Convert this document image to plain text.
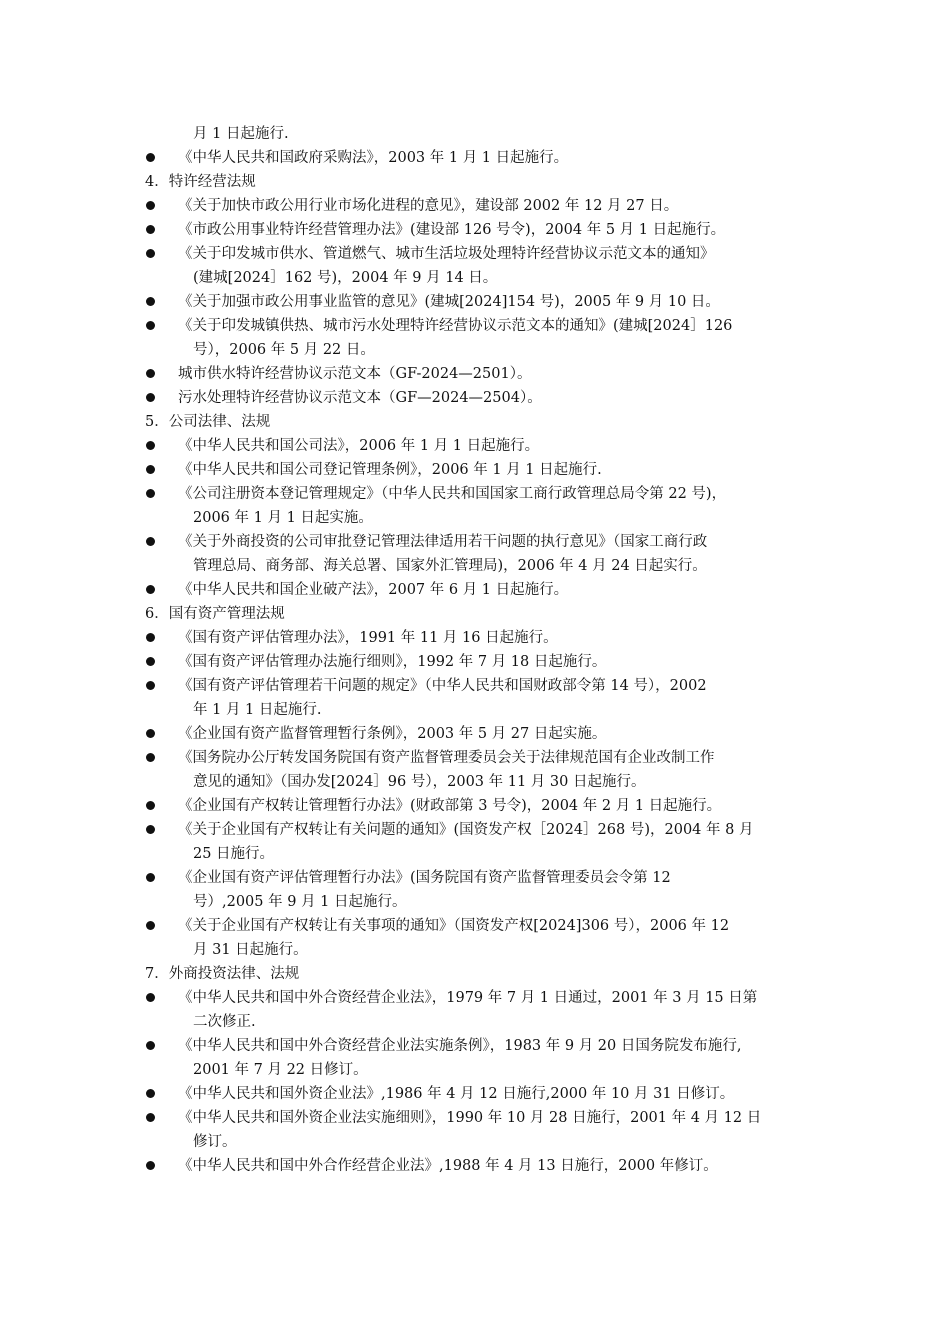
月 1 日起施行.
《中华人民共和国政府采购法》，2003 年 1 月 1 日起施行。
4．特许经营法规
《关于加快市政公用行业市场化进程的意见》，建设部 2002 年 12 月 27 日。
《市政公用事业特许经营管理办法》(建设部 126 号令)，2004 年 5 月 1 日起施行。
《关于印发城市供水、管道燃气、城市生活垃圾处理特许经营协议示范文本的通知》
(建城[2024］162 号)，2004 年 9 月 14 日。
《关于加强市政公用事业监管的意见》(建城[2024]154 号)，2005 年 9 月 10 日。
《关于印发城镇供热、城市污水处理特许经营协议示范文本的通知》(建城[2024］126
号），2006 年 5 月 22 日。
城市供水特许经营协议示范文本（GF-2024—2501）。
污水处理特许经营协议示范文本（GF—2024—2504）。
5．公司法律、法规
《中华人民共和国公司法》，2006 年 1 月 1 日起施行。
《中华人民共和国公司登记管理条例》，2006 年 1 月 1 日起施行.
《公司注册资本登记管理规定》（中华人民共和国国家工商行政管理总局令第 22 号)，
2006 年 1 月 1 日起实施。
《关于外商投资的公司审批登记管理法律适用若干问题的执行意见》（国家工商行政
管理总局、商务部、海关总署、国家外汇管理局)，2006 年 4 月 24 日起实行。
《中华人民共和国企业破产法》，2007 年 6 月 1 日起施行。
6．国有资产管理法规
《国有资产评估管理办法》，1991 年 11 月 16 日起施行。
《国有资产评估管理办法施行细则》，1992 年 7 月 18 日起施行。
《国有资产评估管理若干问题的规定》（中华人民共和国财政部令第 14 号），2002
年 1 月 1 日起施行.
《企业国有资产监督管理暂行条例》，2003 年 5 月 27 日起实施。
《国务院办公厅转发国务院国有资产监督管理委员会关于法律规范国有企业改制工作
意见的通知》（国办发[2024］96 号），2003 年 11 月 30 日起施行。
《企业国有产权转让管理暂行办法》(财政部第 3 号令)，2004 年 2 月 1 日起施行。
《关于企业国有产权转让有关问题的通知》(国资发产权［2024］268 号)，2004 年 8 月
25 日施行。
《企业国有资产评估管理暂行办法》(国务院国有资产监督管理委员会令第 12
号）,2005 年 9 月 1 日起施行。
《关于企业国有产权转让有关事项的通知》（国资发产权[2024]306 号），2006 年 12
月 31 日起施行。
7．外商投资法律、法规
《中华人民共和国中外合资经营企业法》，1979 年 7 月 1 日通过，2001 年 3 月 15 日第
二次修正.
《中华人民共和国中外合资经营企业法实施条例》，1983 年 9 月 20 日国务院发布施行,
2001 年 7 月 22 日修订。
《中华人民共和国外资企业法》,1986 年 4 月 12 日施行,2000 年 10 月 31 日修订。
《中华人民共和国外资企业法实施细则》，1990 年 10 月 28 日施行，2001 年 4 月 12 日
修订。
《中华人民共和国中外合作经营企业法》,1988 年 4 月 13 日施行，2000 年修订。
